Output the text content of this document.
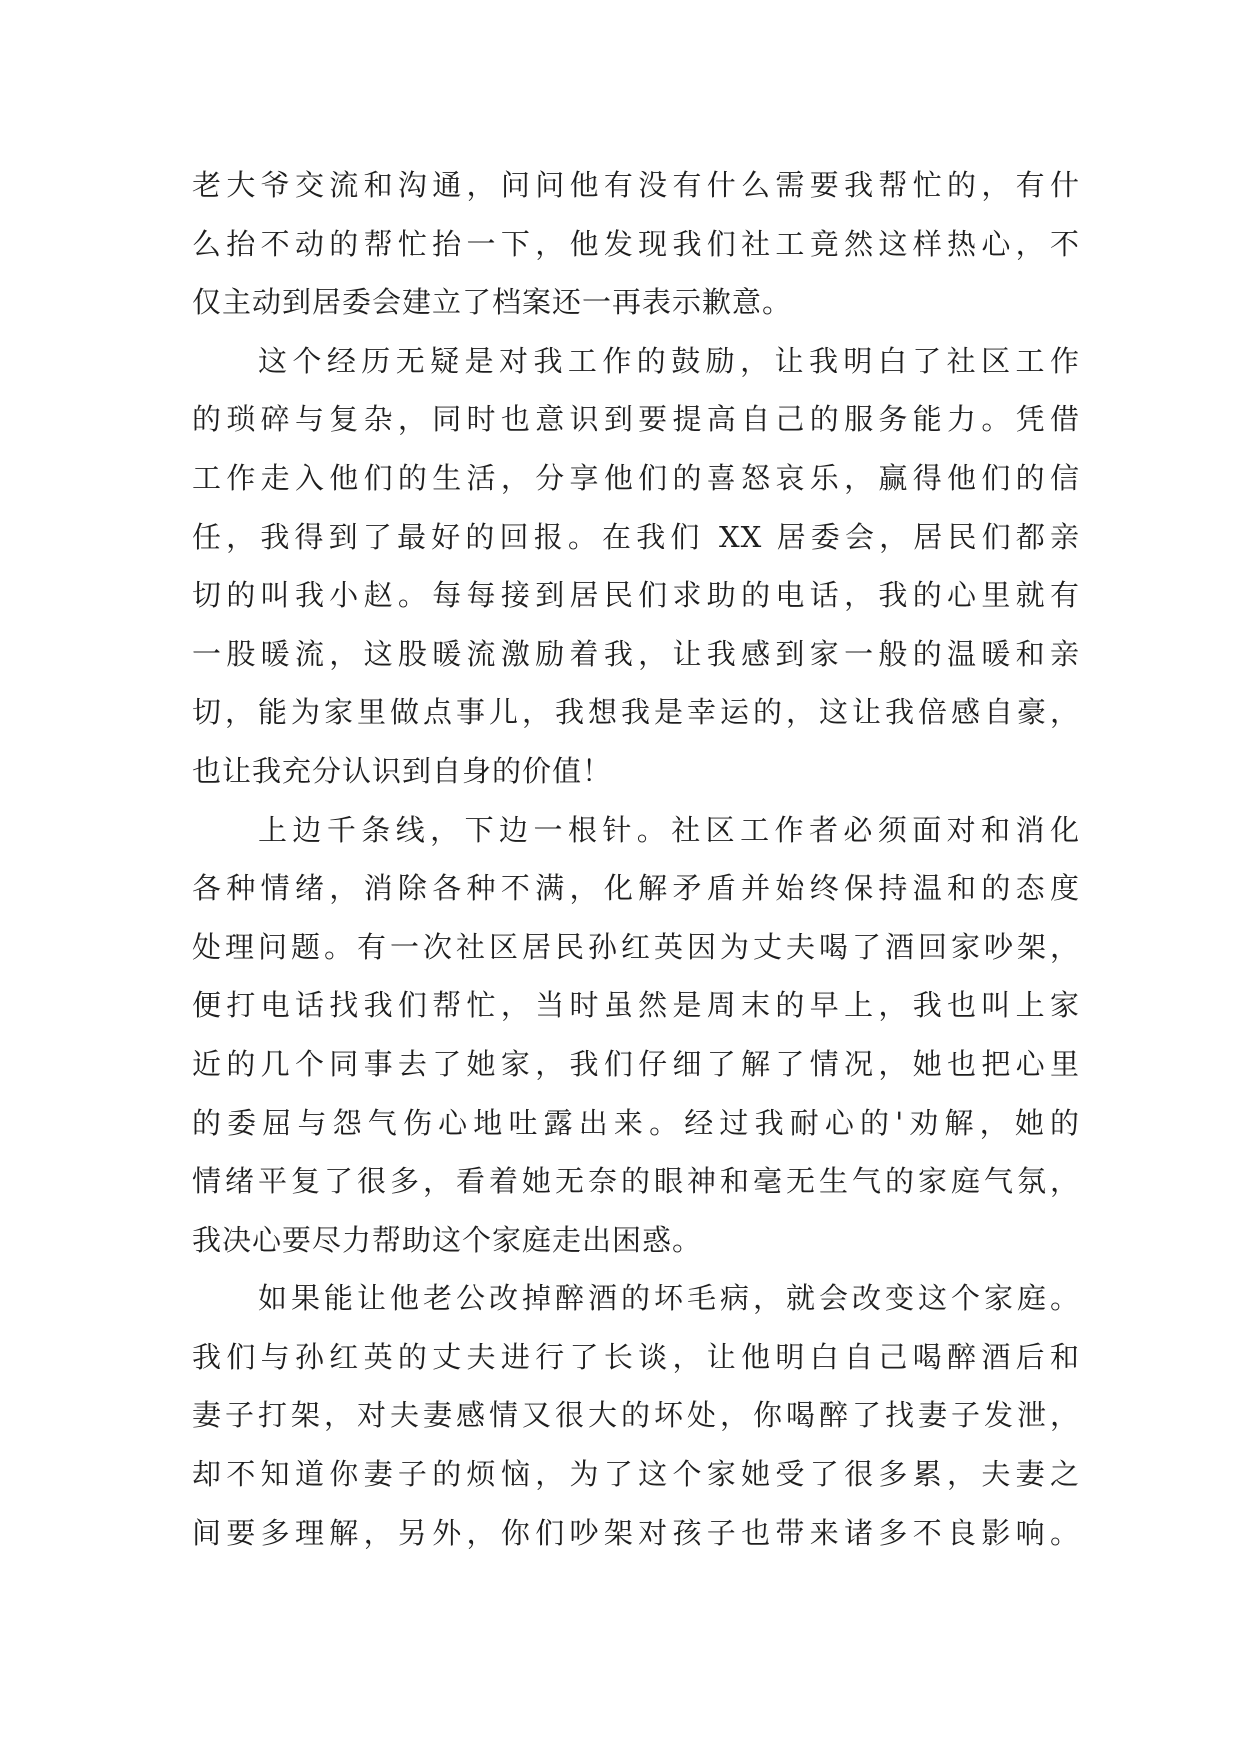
老大爷交流和沟通，问问他有没有什么需要我帮忙的，有什
么抬不动的帮忙抬一下，他发现我们社工竟然这样热心，不
仅主动到居委会建立了档案还一再表示歉意。
这个经历无疑是对我工作的鼓励，让我明白了社区工作
的琐碎与复杂，同时也意识到要提高自己的服务能力。凭借
工作走入他们的生活，分享他们的喜怒哀乐，赢得他们的信
任，我得到了最好的回报。在我们 XX 居委会，居民们都亲
切的叫我小赵。每每接到居民们求助的电话，我的心里就有
一股暖流，这股暖流激励着我，让我感到家一般的温暖和亲
切，能为家里做点事儿，我想我是幸运的，这让我倍感自豪，
也让我充分认识到自身的价值！
上边千条线，下边一根针。社区工作者必须面对和消化
各种情绪，消除各种不满，化解矛盾并始终保持温和的态度
处理问题。有一次社区居民孙红英因为丈夫喝了酒回家吵架，
便打电话找我们帮忙，当时虽然是周末的早上，我也叫上家
近的几个同事去了她家，我们仔细了解了情况，她也把心里
的委屈与怨气伤心地吐露出来。经过我耐心的'劝解，她的
情绪平复了很多，看着她无奈的眼神和毫无生气的家庭气氛，
我决心要尽力帮助这个家庭走出困惑。
如果能让他老公改掉醉酒的坏毛病，就会改变这个家庭。
我们与孙红英的丈夫进行了长谈，让他明白自己喝醉酒后和
妻子打架，对夫妻感情又很大的坏处，你喝醉了找妻子发泄，
却不知道你妻子的烦恼，为了这个家她受了很多累，夫妻之
间要多理解，另外，你们吵架对孩子也带来诸多不良影响。
